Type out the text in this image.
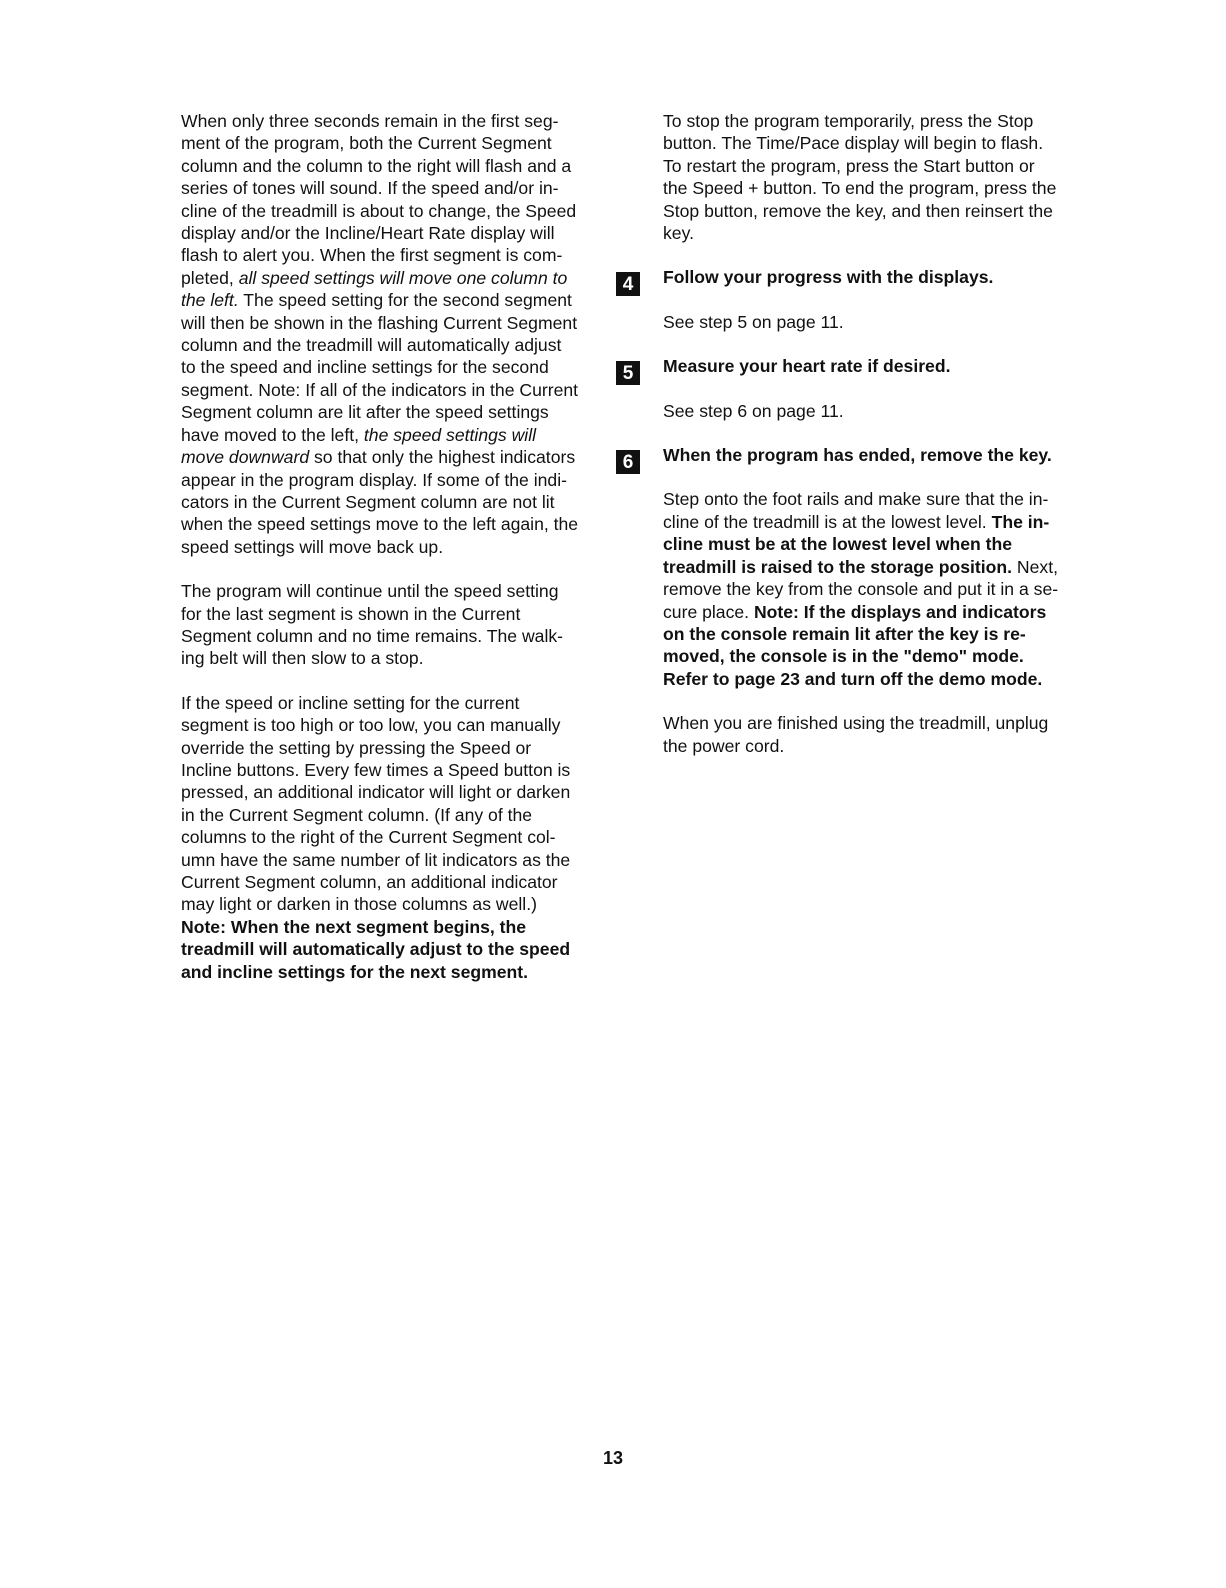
When only three seconds remain in the first seg-
ment of the program, both the Current Segment
column and the column to the right will flash and a
series of tones will sound. If the speed and/or in-
cline of the treadmill is about to change, the Speed
display and/or the Incline/Heart Rate display will
flash to alert you. When the first segment is com-
pleted, all speed settings will move one column to
the left. The speed setting for the second segment
will then be shown in the flashing Current Segment
column and the treadmill will automatically adjust
to the speed and incline settings for the second
segment. Note: If all of the indicators in the Current
Segment column are lit after the speed settings
have moved to the left, the speed settings will
move downward so that only the highest indicators
appear in the program display. If some of the indi-
cators in the Current Segment column are not lit
when the speed settings move to the left again, the
speed settings will move back up.
The program will continue until the speed setting
for the last segment is shown in the Current
Segment column and no time remains. The walk-
ing belt will then slow to a stop.
If the speed or incline setting for the current
segment is too high or too low, you can manually
override the setting by pressing the Speed or
Incline buttons. Every few times a Speed button is
pressed, an additional indicator will light or darken
in the Current Segment column. (If any of the
columns to the right of the Current Segment col-
umn have the same number of lit indicators as the
Current Segment column, an additional indicator
may light or darken in those columns as well.)
Note: When the next segment begins, the
treadmill will automatically adjust to the speed
and incline settings for the next segment.
To stop the program temporarily, press the Stop
button. The Time/Pace display will begin to flash.
To restart the program, press the Start button or
the Speed + button. To end the program, press the
Stop button, remove the key, and then reinsert the
key.
4	Follow your progress with the displays.
See step 5 on page 11.
5	Measure your heart rate if desired.
See step 6 on page 11.
6	When the program has ended, remove the key.
Step onto the foot rails and make sure that the in-
cline of the treadmill is at the lowest level. The in-
cline must be at the lowest level when the
treadmill is raised to the storage position. Next,
remove the key from the console and put it in a se-
cure place. Note: If the displays and indicators
on the console remain lit after the key is re-
moved, the console is in the "demo" mode.
Refer to page 23 and turn off the demo mode.
When you are finished using the treadmill, unplug
the power cord.
13
